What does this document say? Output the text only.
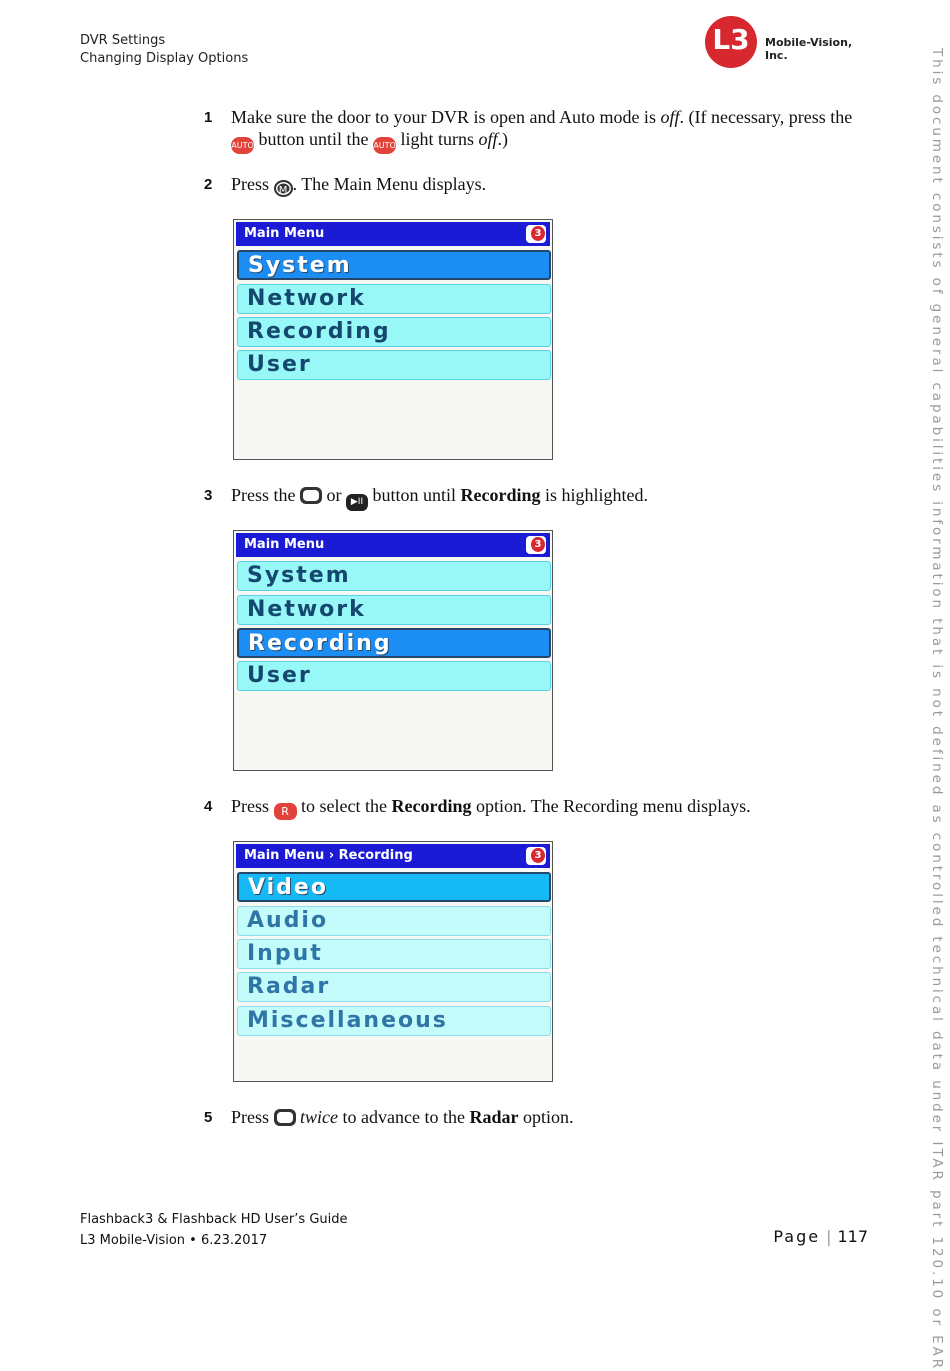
DVR Settings
Changing Display Options
L3	Mobile-Vision, Inc.	This document consists of general capabilities information that is not defined as controlled technical data under ITAR part 120.10 or EAR
1 Make sure the door to your DVR is open and Auto mode is off. (If necessary, press the AUTO button until the AUTO light turns off.)
2 Press M . The Main Menu displays.
Main Menu
3
System
Network
Recording
User
3 Press the  or ▶II button until Recording is highlighted.
Main Menu
3
System
Network
Recording
User
4 Press R to select the Recording option. The Recording menu displays.
Main Menu › Recording
3
Video
Audio
Input
Radar
Miscellaneous
5 Press  twice to advance to the Radar option.
Flashback3 & Flashback HD User’s Guide
L3 Mobile-Vision • 6.23.2017	Page | 117
